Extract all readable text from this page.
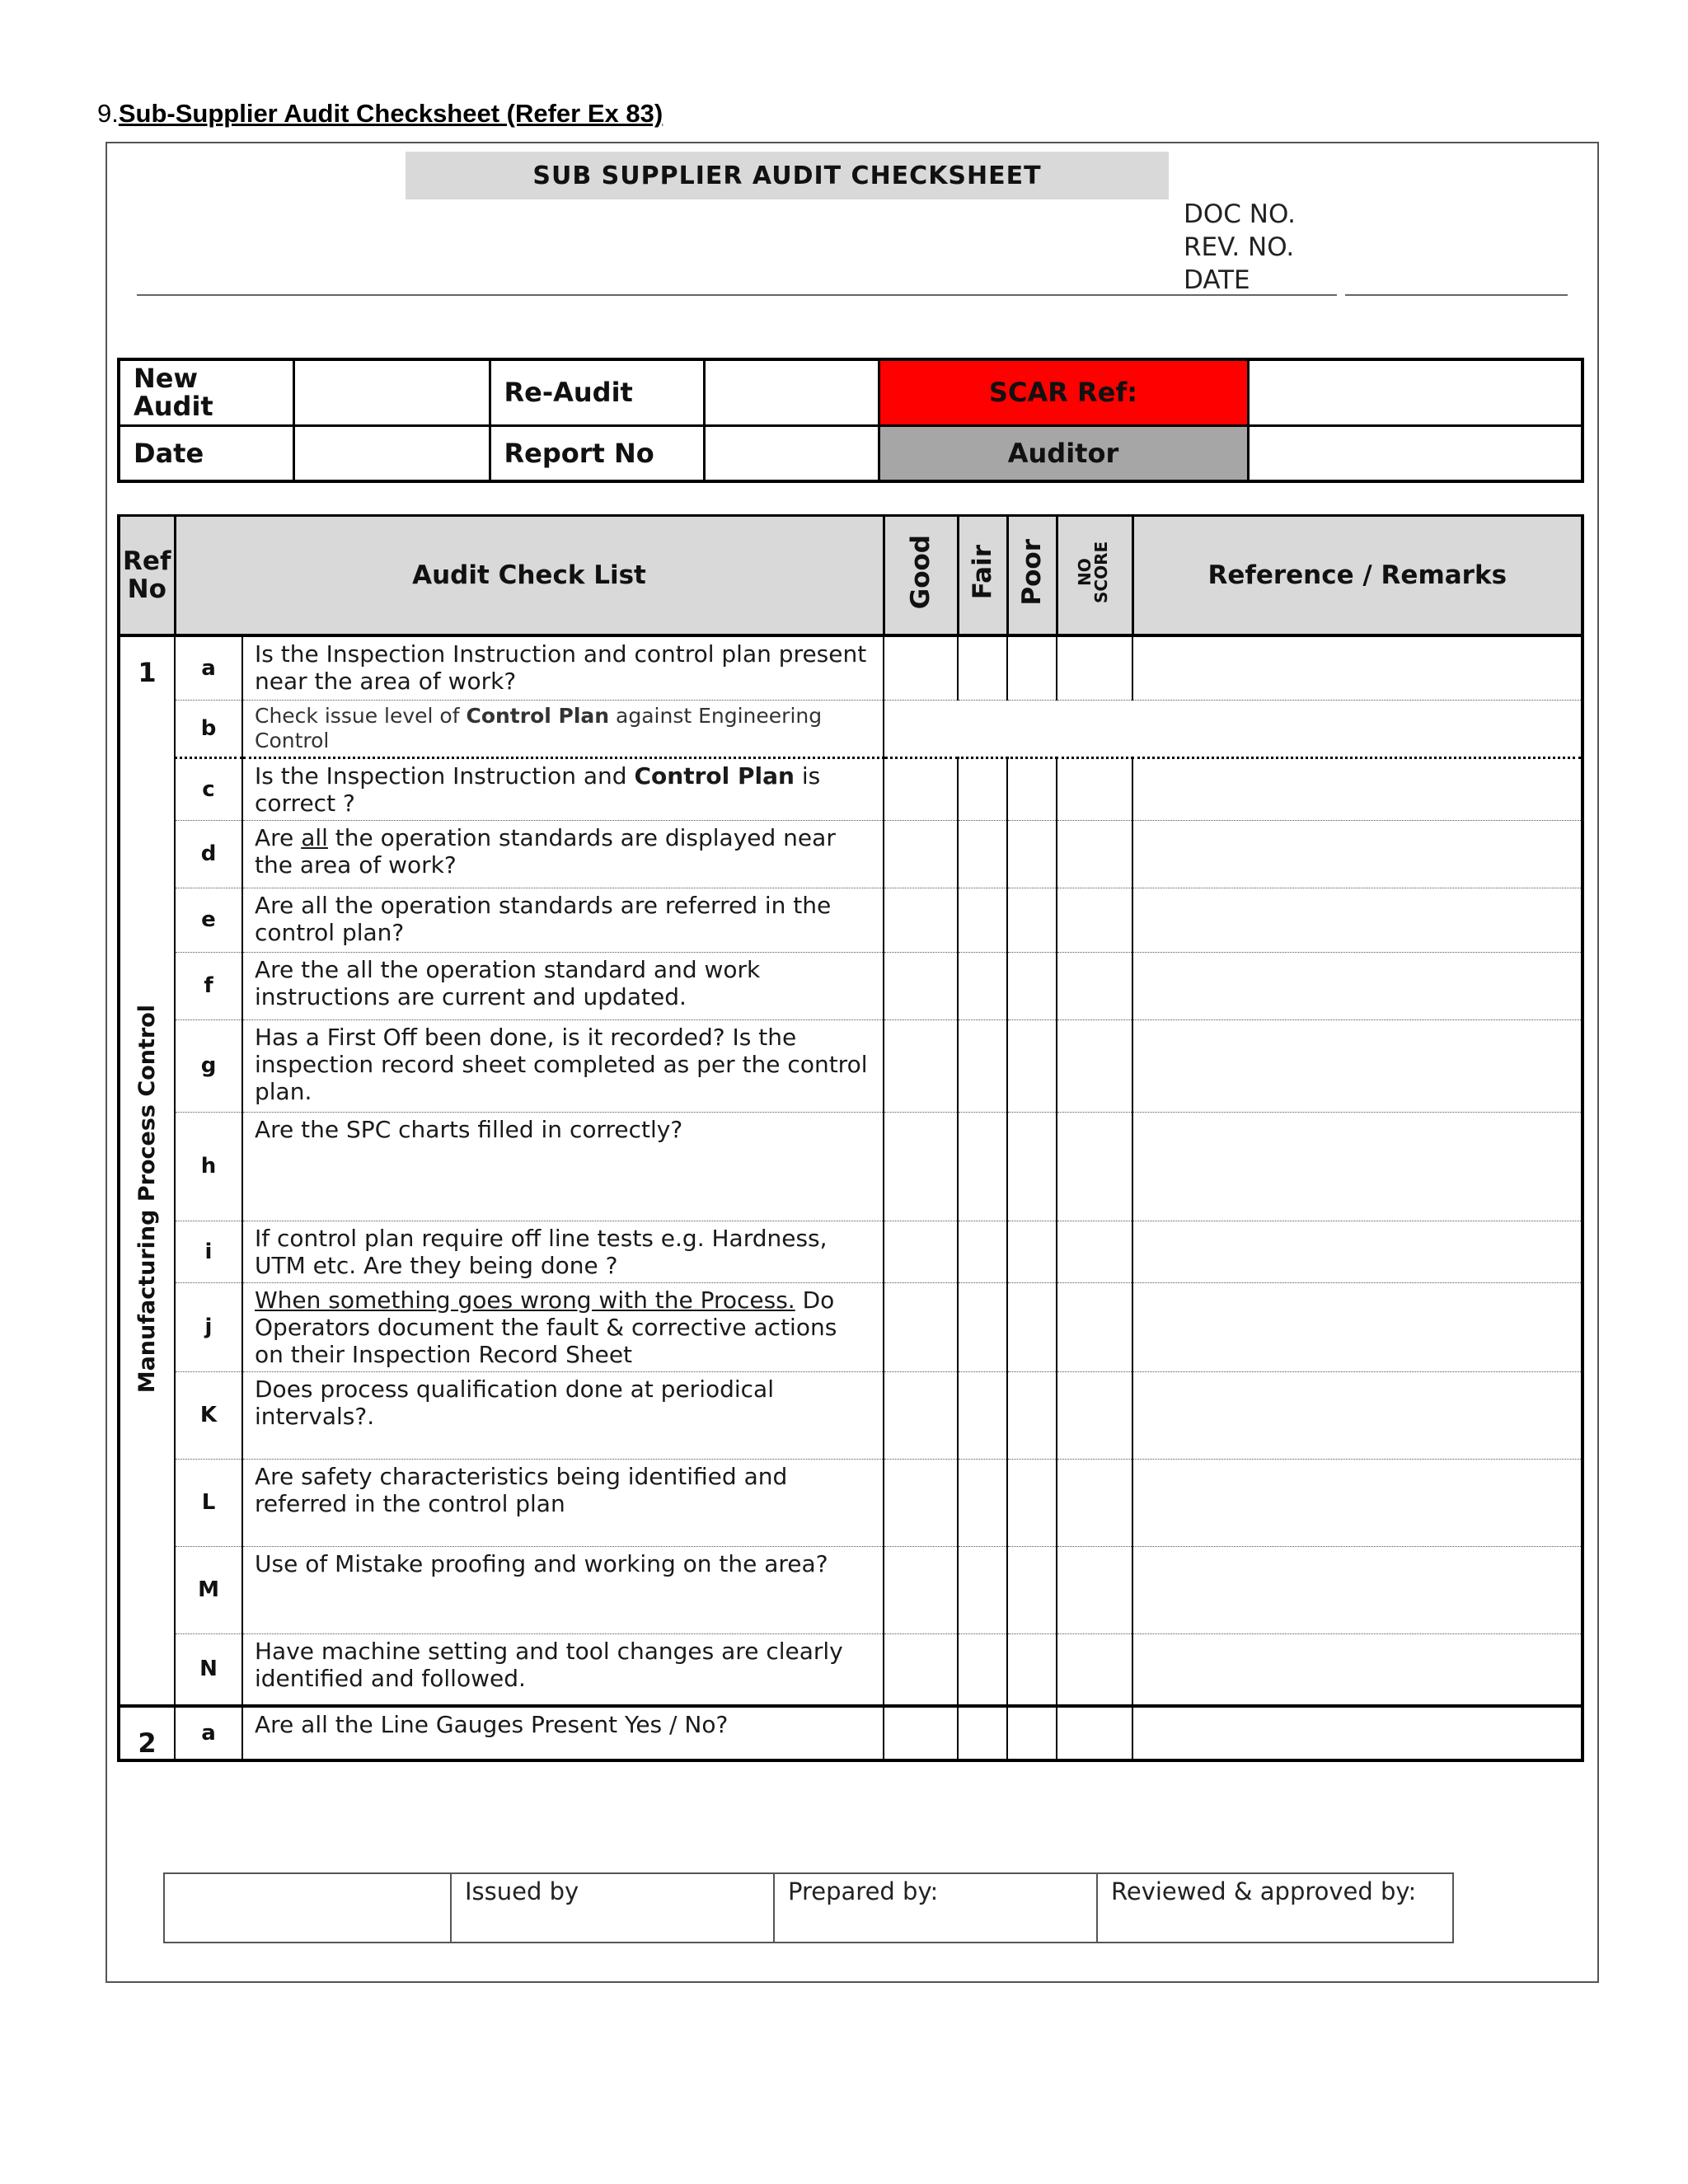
9.Sub-Supplier Audit Checksheet (Refer Ex 83)
SUB SUPPLIER AUDIT CHECKSHEET
DOC NO.
REV. NO.
DATE
New Audit		Re-Audit		SCAR Ref:	
Date		Report No		Auditor	
Ref No	Audit Check List		Good	Fair	Poor	NO SCORE	Reference / Remarks
1	a	Is the Inspection Instruction and control plan present near the area of work?					
Manufacturing Process Control	b	Check issue level of Control Plan against Engineering Control					
	c	Is the Inspection Instruction and Control Plan is correct ?					
	d	Are all the operation standards are displayed near the area of work?					
	e	Are all the operation standards are referred in the control plan?					
	f	Are the all the operation standard and work instructions are current and updated.					
	g	Has a First Off been done, is it recorded? Is the inspection record sheet completed as per the control plan.					
	h	Are the SPC charts filled in correctly?					
	i	If control plan require off line tests e.g. Hardness, UTM etc. Are they being done ?					
	j	When something goes wrong with the Process. Do Operators document the fault & corrective actions on their Inspection Record Sheet					
	K	Does process qualification done at periodical intervals?.					
	L	Are safety characteristics being identified and referred in the control plan					
	M	Use of Mistake proofing and working on the area?					
	N	Have machine setting and tool changes are clearly identified and followed.					
2	a	Are all the Line Gauges Present Yes / No?					
	Issued by	Prepared by:	Reviewed & approved by:
